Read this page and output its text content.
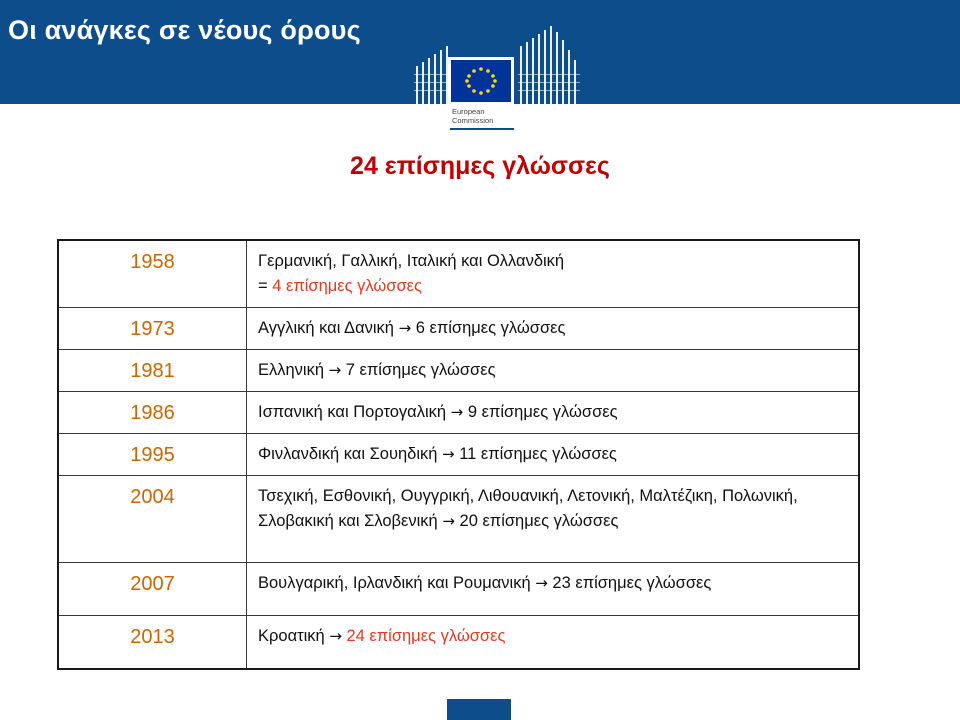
Οι ανάγκες σε νέους όρους
European
Commission
24 επίσημες γλώσσες
1958	Γερμανική, Γαλλική, Ιταλική και Ολλανδική
= 4 επίσημες γλώσσες
1973	Αγγλική και Δανική → 6 επίσημες γλώσσες
1981	Ελληνική → 7 επίσημες γλώσσες
1986	Ισπανική και Πορτογαλική → 9 επίσημες γλώσσες
1995	Φινλανδική και Σουηδική → 11 επίσημες γλώσσες
2004	Τσεχική, Εσθονική, Ουγγρική, Λιθουανική, Λετονική, Μαλτέζικη, Πολωνική, Σλοβακική και Σλοβενική → 20 επίσημες γλώσσες
2007	Βουλγαρική, Ιρλανδική και Ρουμανική → 23 επίσημες γλώσσες
2013	Κροατική → 24 επίσημες γλώσσες
